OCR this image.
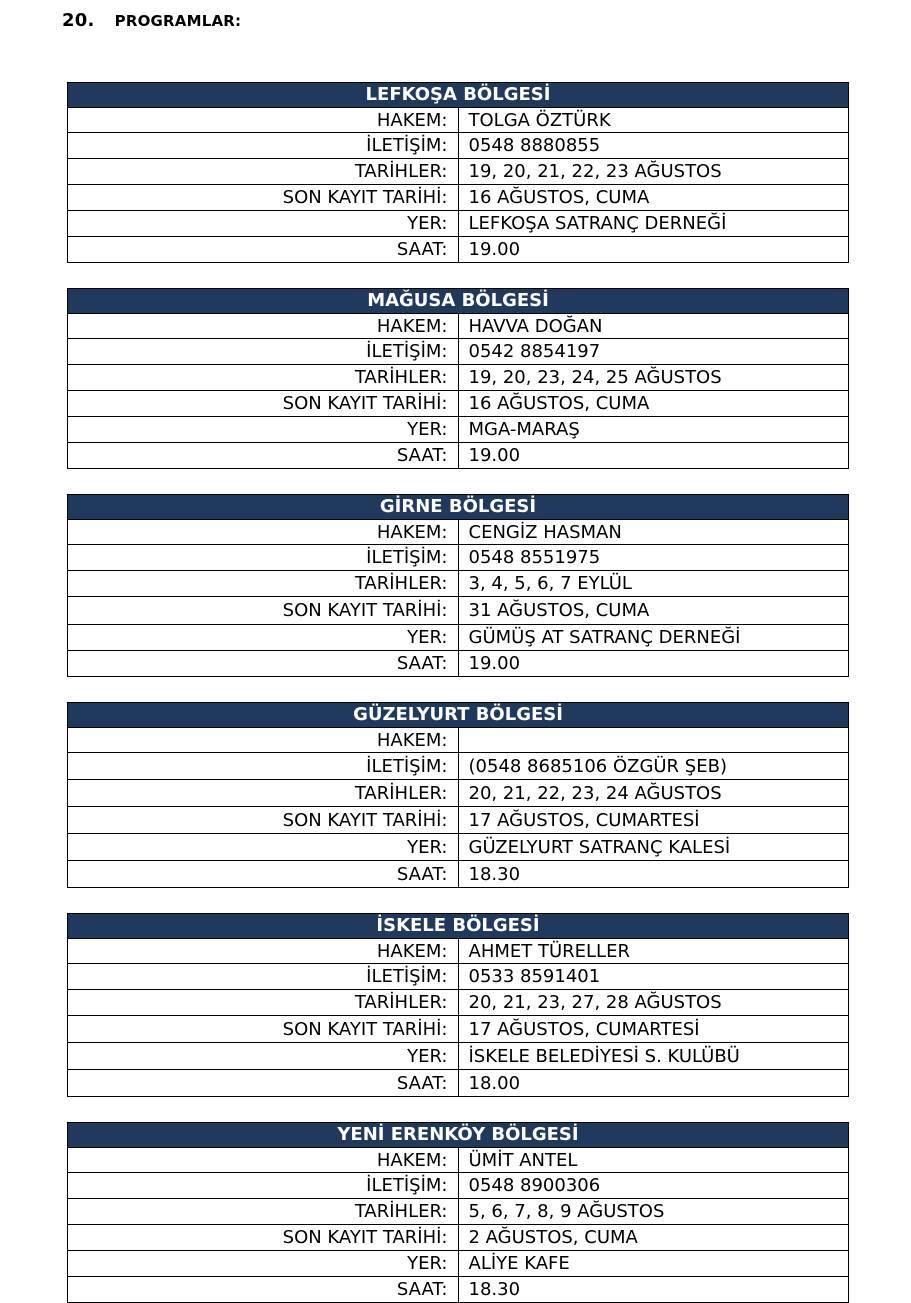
20. PROGRAMLAR:
LEFKOŞA BÖLGESİ	
HAKEM:	TOLGA ÖZTÜRK
İLETİŞİM:	0548 8880855
TARİHLER:	19, 20, 21, 22, 23 AĞUSTOS
SON KAYIT TARİHİ:	16 AĞUSTOS, CUMA
YER:	LEFKOŞA SATRANÇ DERNEĞİ
SAAT:	19.00
MAĞUSA BÖLGESİ	
HAKEM:	HAVVA DOĞAN
İLETİŞİM:	0542 8854197
TARİHLER:	19, 20, 23, 24, 25 AĞUSTOS
SON KAYIT TARİHİ:	16 AĞUSTOS, CUMA
YER:	MGA-MARAŞ
SAAT:	19.00
GİRNE BÖLGESİ	
HAKEM:	CENGİZ HASMAN
İLETİŞİM:	0548 8551975
TARİHLER:	3, 4, 5, 6, 7 EYLÜL
SON KAYIT TARİHİ:	31 AĞUSTOS, CUMA
YER:	GÜMÜŞ AT SATRANÇ DERNEĞİ
SAAT:	19.00
GÜZELYURT BÖLGESİ	
HAKEM:	
İLETİŞİM:	(0548 8685106 ÖZGÜR ŞEB)
TARİHLER:	20, 21, 22, 23, 24 AĞUSTOS
SON KAYIT TARİHİ:	17 AĞUSTOS, CUMARTESİ
YER:	GÜZELYURT SATRANÇ KALESİ
SAAT:	18.30
İSKELE BÖLGESİ	
HAKEM:	AHMET TÜRELLER
İLETİŞİM:	0533 8591401
TARİHLER:	20, 21, 23, 27, 28 AĞUSTOS
SON KAYIT TARİHİ:	17 AĞUSTOS, CUMARTESİ
YER:	İSKELE BELEDİYESİ S. KULÜBÜ
SAAT:	18.00
YENİ ERENKÖY BÖLGESİ	
HAKEM:	ÜMİT ANTEL
İLETİŞİM:	0548 8900306
TARİHLER:	5, 6, 7, 8, 9 AĞUSTOS
SON KAYIT TARİHİ:	2 AĞUSTOS, CUMA
YER:	ALİYE KAFE
SAAT:	18.30
